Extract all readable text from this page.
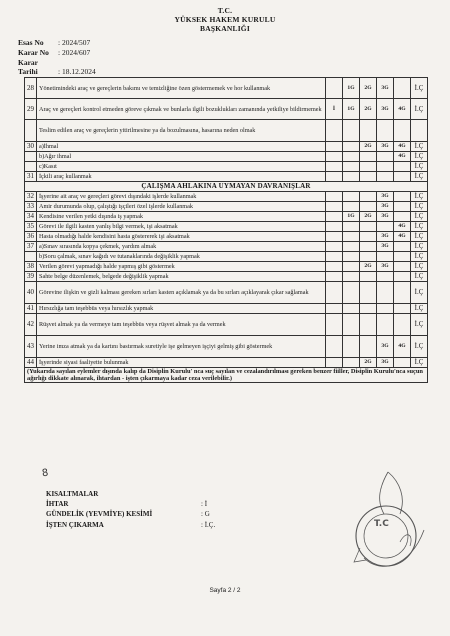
T.C.
YÜKSEK HAKEM KURULU
BAŞKANLIĞI
Esas No : 2024/507
Karar No : 2024/607
Karar Tarihi	: 18.12.2024
28	Yönetimindeki araç ve gereçlerin bakımı ve temizliğine özen göstermemek ve hor kullanmak		1G	2G	3G		İ.Ç
29	Araç ve gereçleri kontrol etmeden göreve çıkmak ve bunlarla ilgili bozuklukları zamanında yetkiliye bildirmemek	İ	1G	2G	3G	4G	İ.Ç
	Teslim edilen araç ve gereçlerin yitirilmesine ya da bozulmasına, hasarına neden olmak						
30	a)İhmal			2G	3G	4G	İ.Ç
	b)Ağır ihmal					4G	İ.Ç
	c)Kasıt						İ.Ç
31	İçkili araç kullanmak						İ.Ç
ÇALIŞMA AHLAKINA UYMAYAN DAVRANIŞLAR							
32	İşyerine ait araç ve gereçleri görevi dışındaki işlerde kullanmak				3G		İ.Ç
33	Amir durumunda olup, çalıştığı işçileri özel işlerde kullanmak				3G		İ.Ç
34	Kendisine verilen yetki dışında iş yapmak		1G	2G	3G		İ.Ç
35	Görevi ile ilgili kasten yanlış bilgi vermek, işi aksatmak					4G	İ.Ç
36	Hasta olmadığı halde kendisini hasta göstererek işi aksatmak				3G	4G	İ.Ç
37	a)Sınav sırasında kopya çekmek, yardım almak				3G		İ.Ç
	b)Soru çalmak, sınav kağıdı ve tutanaklarında değişiklik yapmak						İ.Ç
38	Verilen görevi yapmadığı halde yapmış gibi göstermek			2G	3G		İ.Ç
39	Sahte belge düzenlemek, belgede değişiklik yapmak						İ.Ç
40	Görevine ilişkin ve gizli kalması gereken sırları kasten açıklamak ya da bu sırları açıklayarak çıkar sağlamak						İ.Ç
41	Hırsızlığa tam teşebbüs veya hırsızlık yapmak						İ.Ç
42	Rüşvet almak ya da vermeye tam teşebbüs veya rüşvet almak ya da vermek						İ.Ç
43	Yerine imza atmak ya da kartını bastırmak suretiyle işe gelmeyen işçiyi gelmiş gibi göstermek				3G	4G	İ.Ç
44	İşyerinde siyasi faaliyette bulunmak			2G	3G		İ.Ç
(Yukarıda sayılan eylemler dışında kalıp da Disiplin Kurulu' nca suç sayılan ve cezalandırılması gereken benzer fiiller, Disiplin Kurulu'nca suçun ağırlığı dikkate alınarak, ihtardan - işten çıkarmaya kadar ceza verilebilir.)							
8
KISALTMALAR
İHTAR	: İ
GÜNDELİK (YEVMİYE) KESİMİ	: G
İŞTEN ÇIKARMA	: İ.Ç.	T.C
Sayfa 2 / 2
